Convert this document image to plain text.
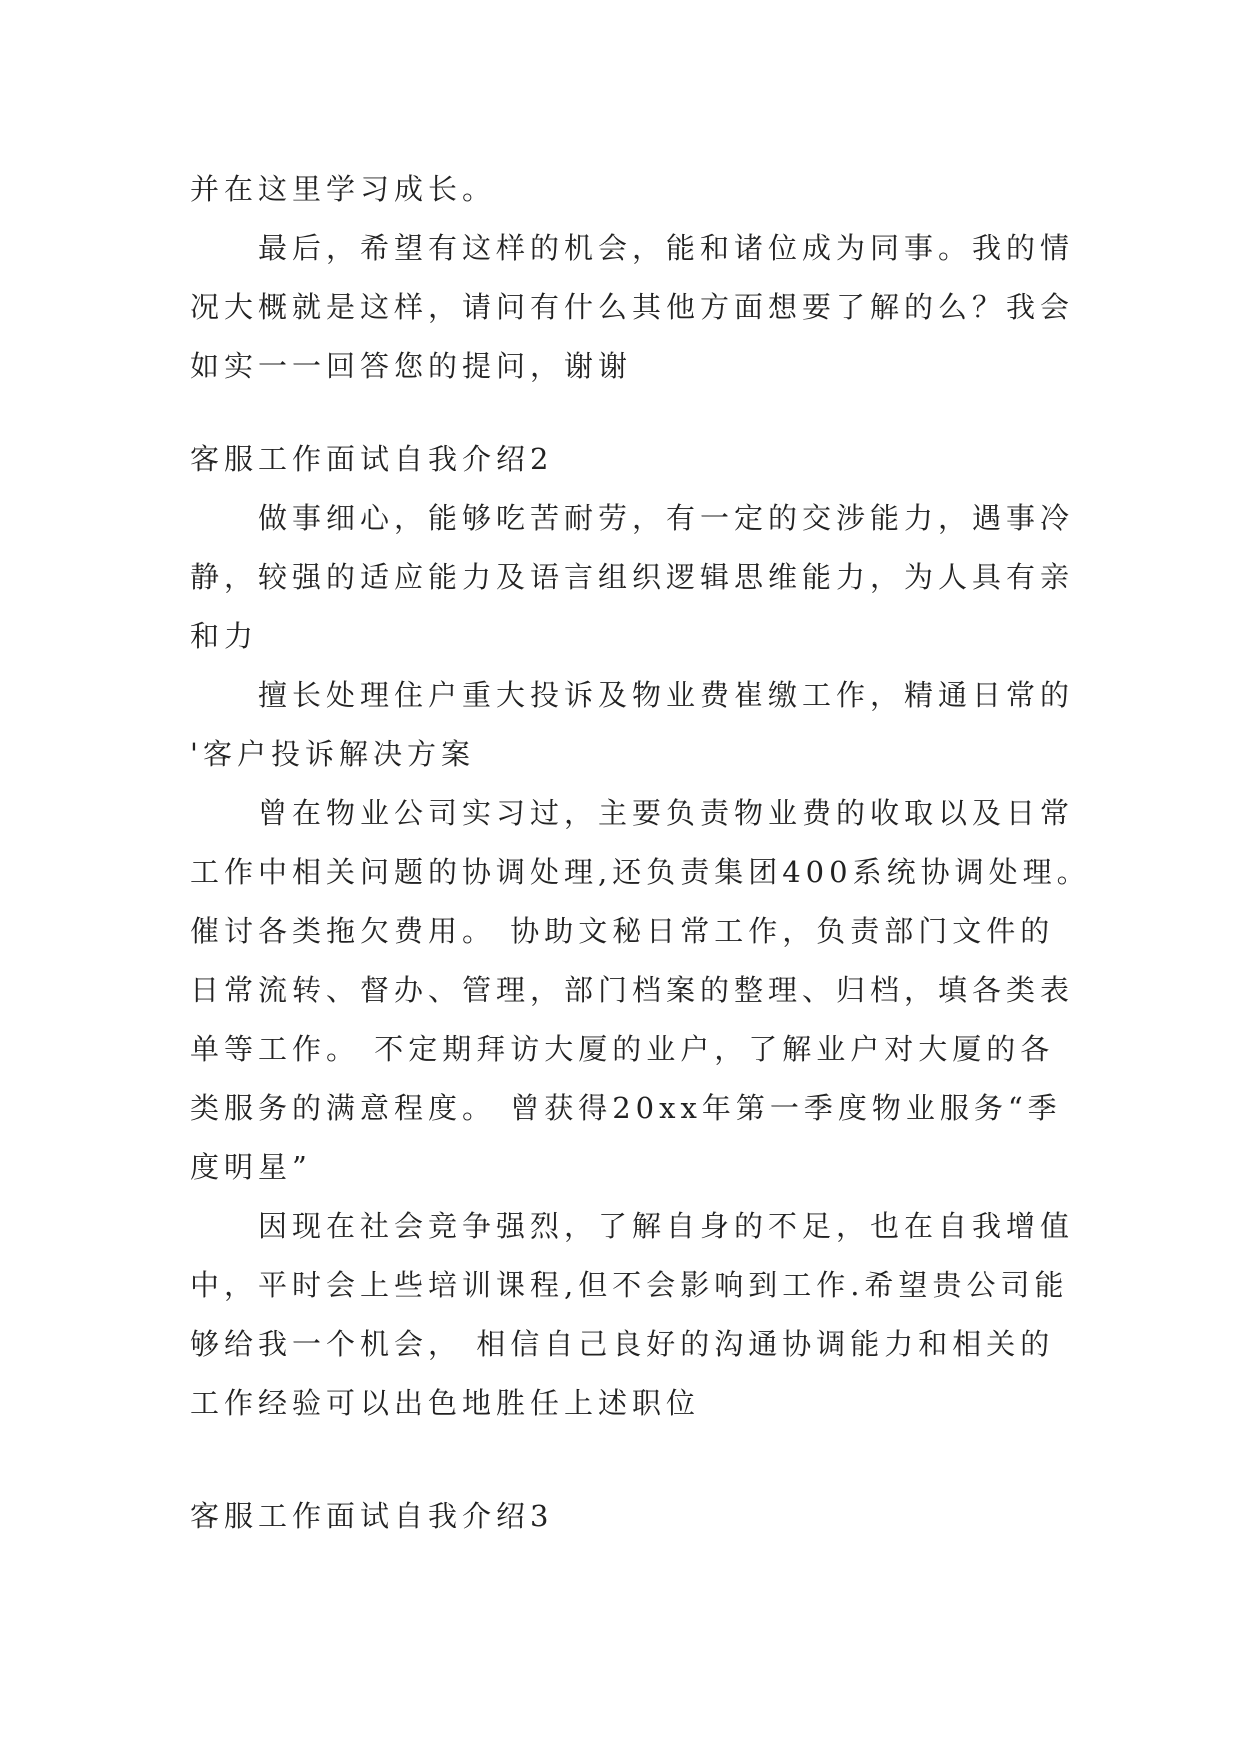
并在这里学习成长。

最后，希望有这样的机会，能和诸位成为同事。我的情

况大概就是这样，请问有什么其他方面想要了解的么？我会

如实一一回答您的提问，谢谢

客服工作面试自我介绍2

做事细心，能够吃苦耐劳，有一定的交涉能力，遇事冷

静，较强的适应能力及语言组织逻辑思维能力，为人具有亲

和力

擅长处理住户重大投诉及物业费崔缴工作，精通日常的

'客户投诉解决方案

曾在物业公司实习过，主要负责物业费的收取以及日常

工作中相关问题的协调处理,还负责集团400系统协调处理。

催讨各类拖欠费用。 协助文秘日常工作，负责部门文件的

日常流转、督办、管理，部门档案的整理、归档，填各类表

单等工作。 不定期拜访大厦的业户，了解业户对大厦的各

类服务的满意程度。 曾获得20xx年第一季度物业服务“季

度明星”

因现在社会竞争强烈，了解自身的不足，也在自我增值

中，平时会上些培训课程,但不会影响到工作.希望贵公司能

够给我一个机会， 相信自己良好的沟通协调能力和相关的

工作经验可以出色地胜任上述职位

客服工作面试自我介绍3
